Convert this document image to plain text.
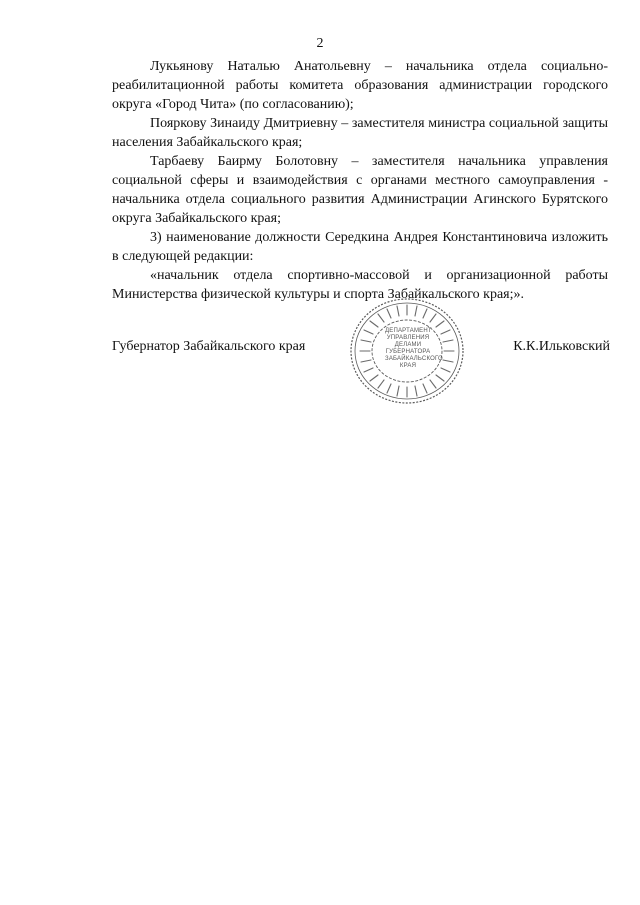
2

Лукьянову Наталью Анатольевну – начальника отдела социально-реабилитационной работы комитета образования администрации городского округа «Город Чита» (по согласованию);

Пояркову Зинаиду Дмитриевну – заместителя министра социальной защиты населения Забайкальского края;

Тарбаеву Баирму Болотовну – заместителя начальника управления социальной сферы и взаимодействия с органами местного самоуправления - начальника отдела социального развития Администрации Агинского Бурятского округа Забайкальского края;

3) наименование должности Середкина Андрея Константиновича изложить в следующей редакции:

«начальник отдела спортивно-массовой и организационной работы Министерства физической культуры и спорта Забайкальского края;».

Губернатор Забайкальского края
ДЕПАРТАМЕНТ
УПРАВЛЕНИЯ
ДЕЛАМИ
ГУБЕРНАТОРА
ЗАБАЙКАЛЬСКОГО
КРАЯ
К.К.Ильковский
